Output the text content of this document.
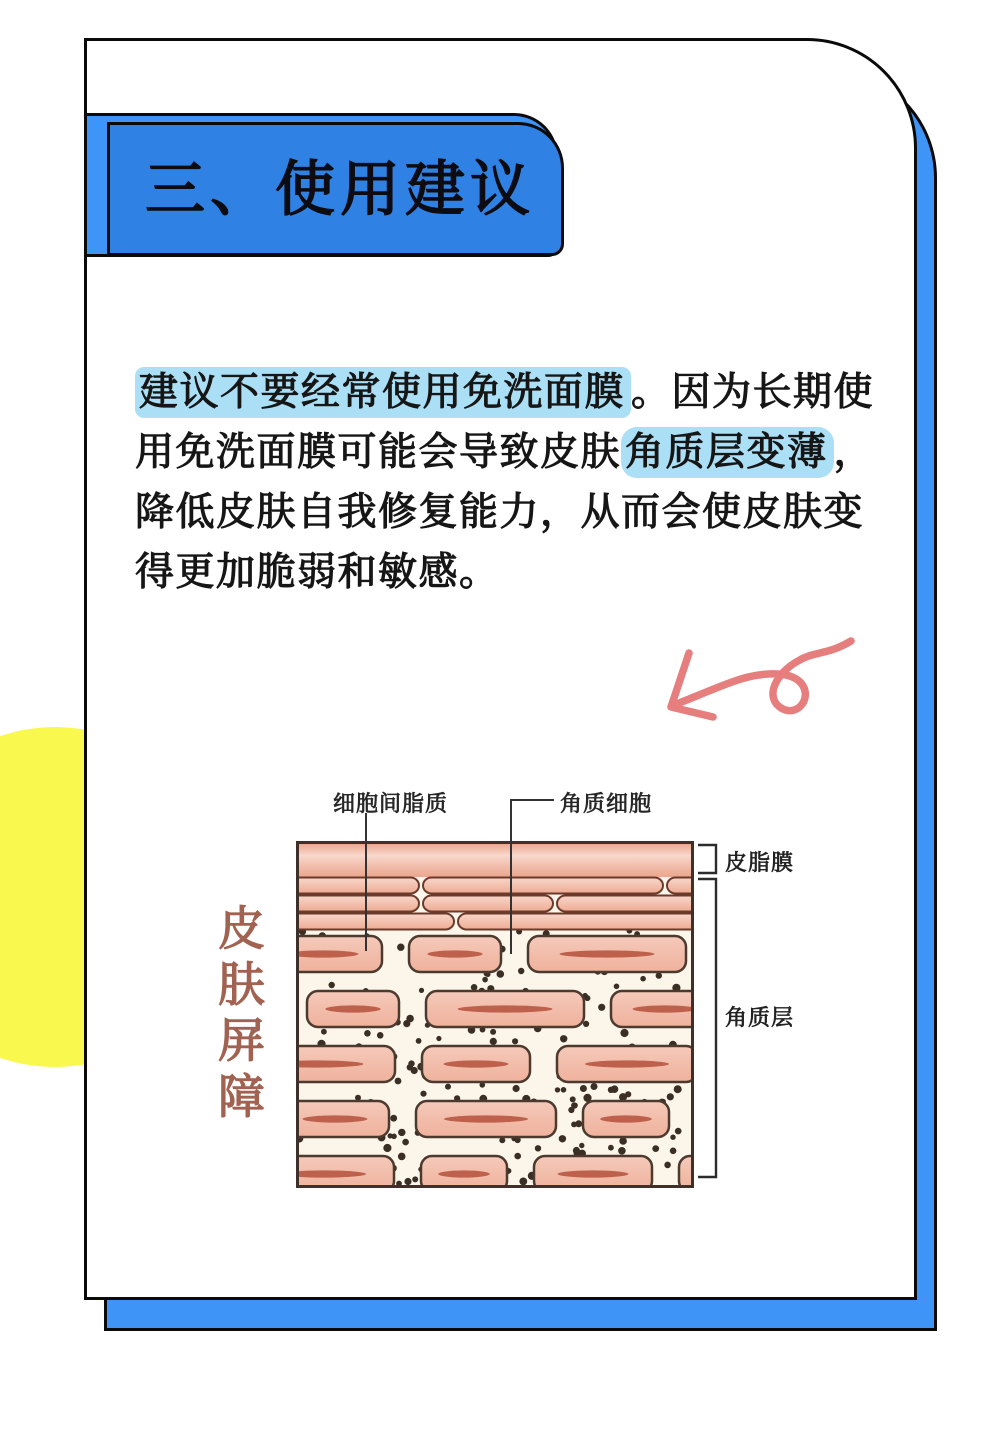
三、使用建议
建议不要经常使用免洗面膜 。因为长期使
用免洗面膜可能会导致皮肤 角质层变薄 ，
降低皮肤自我修复能力，从而会使皮肤变
得更加脆弱和敏感。
皮
肤
屏
障
细胞间脂质	角质细胞
皮脂膜
角质层
